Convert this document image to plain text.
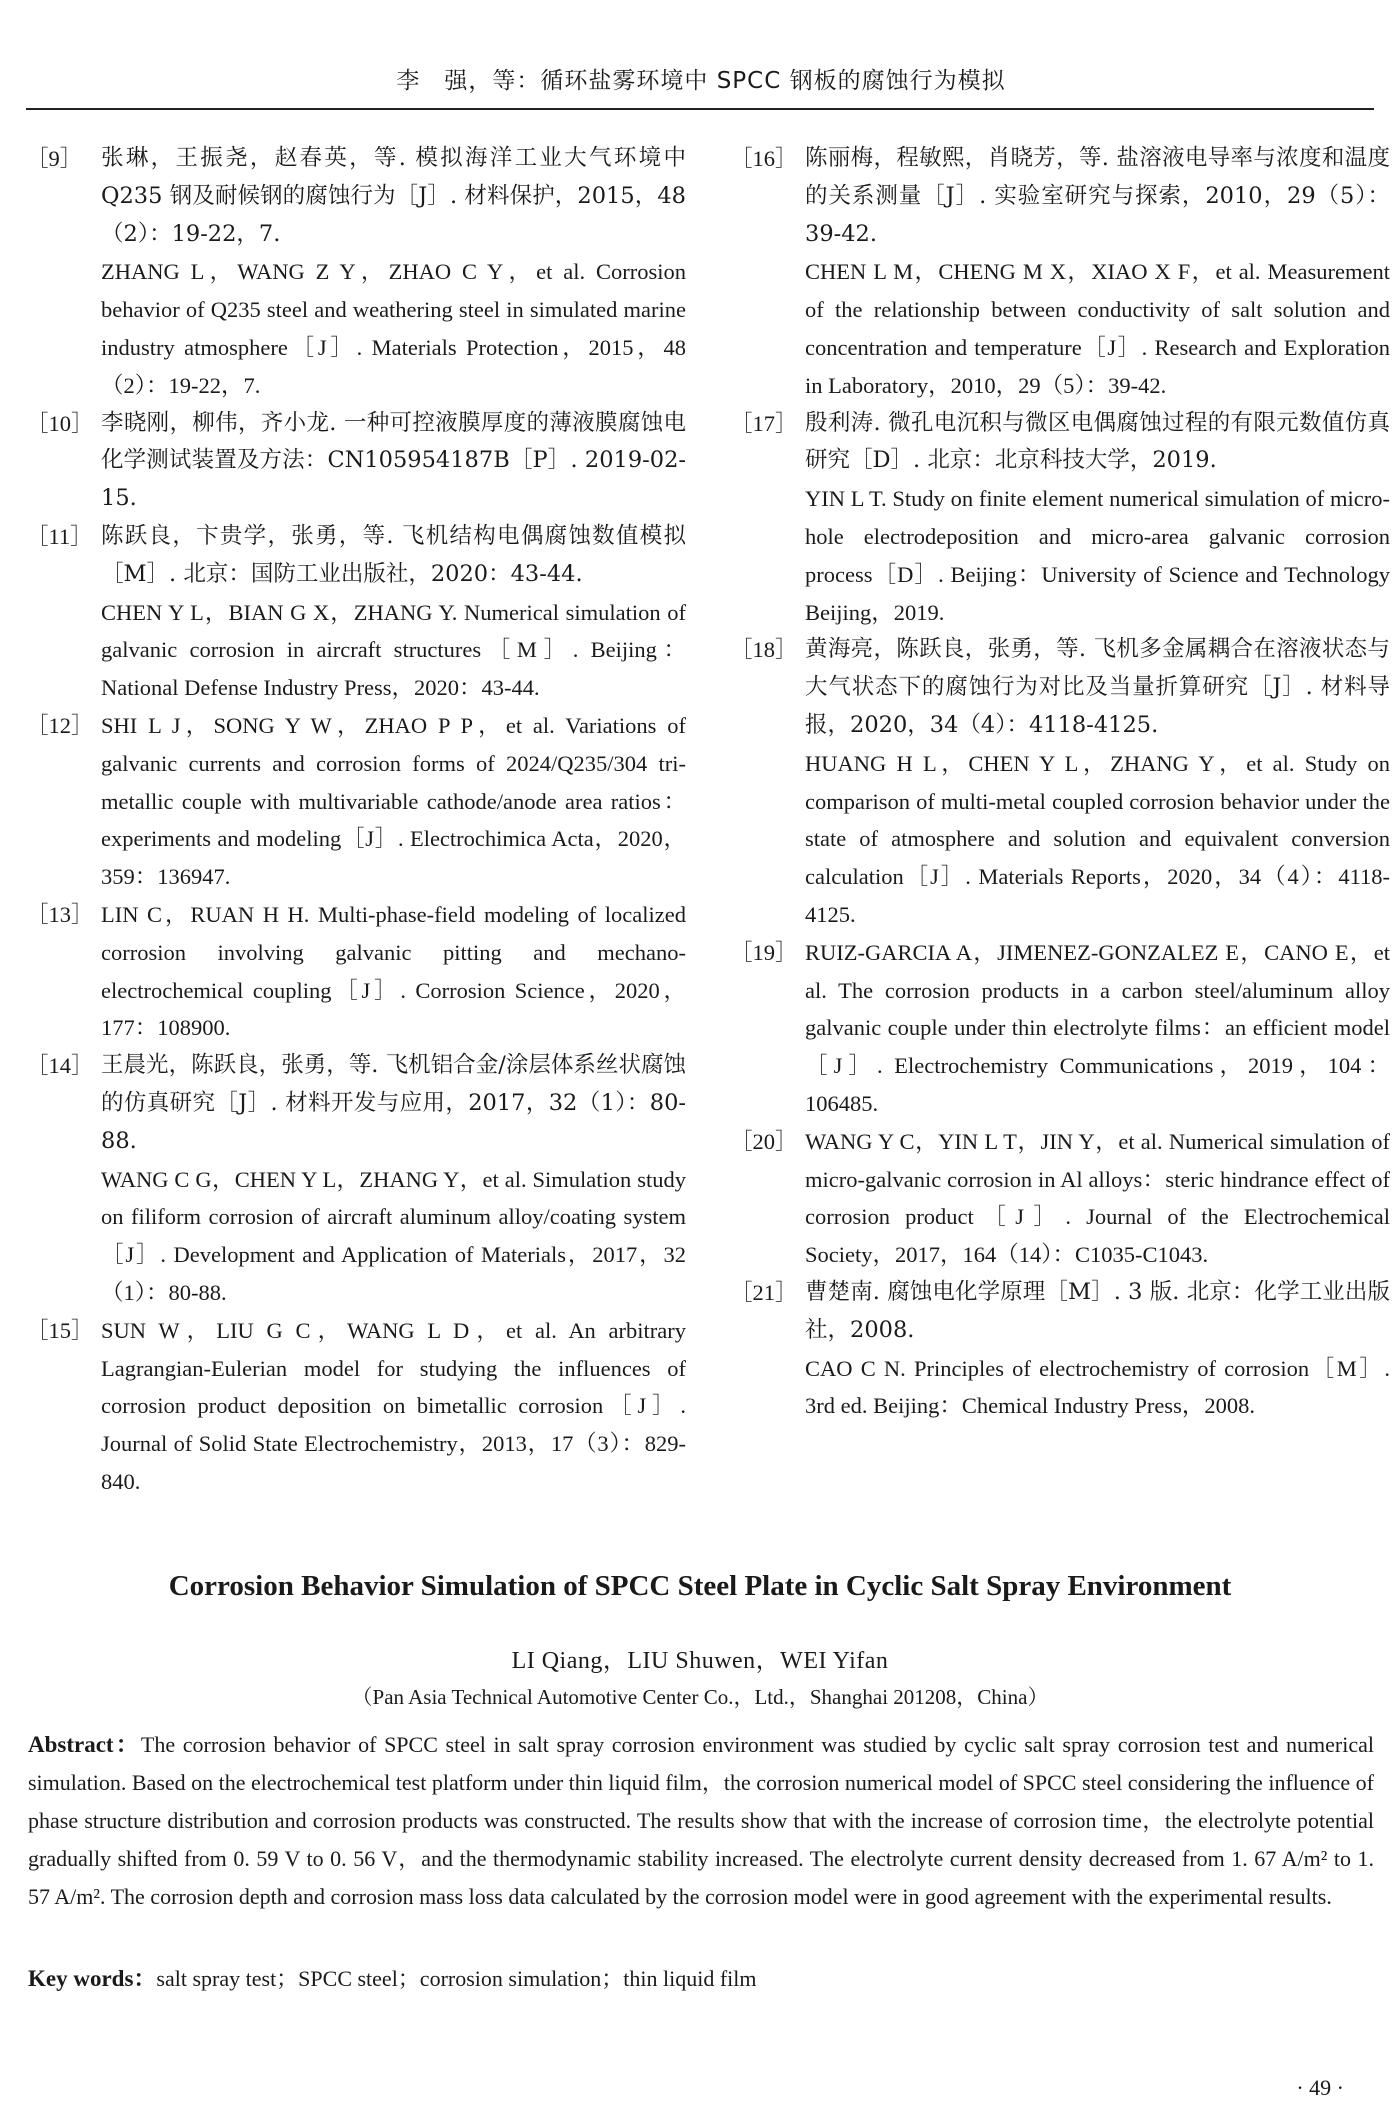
李　强，等：循环盐雾环境中 SPCC 钢板的腐蚀行为模拟
［9］ 张琳，王振尧，赵春英，等. 模拟海洋工业大气环境中 Q235 钢及耐候钢的腐蚀行为［J］. 材料保护，2015，48（2）：19-22，7.

ZHANG L，WANG Z Y，ZHAO C Y，et al. Corrosion behavior of Q235 steel and weathering steel in simulated marine industry atmosphere［J］. Materials Protection，2015，48（2）：19-22，7.

［10］ 李晓刚，柳伟，齐小龙. 一种可控液膜厚度的薄液膜腐蚀电化学测试装置及方法：CN105954187B［P］. 2019-02-15.

［11］ 陈跃良，卞贵学，张勇，等. 飞机结构电偶腐蚀数值模拟［M］. 北京：国防工业出版社，2020：43-44.

CHEN Y L，BIAN G X，ZHANG Y. Numerical simulation of galvanic corrosion in aircraft structures［M］. Beijing：National Defense Industry Press，2020：43-44.

［12］ SHI L J，SONG Y W，ZHAO P P，et al. Variations of galvanic currents and corrosion forms of 2024/Q235/304 tri-metallic couple with multivariable cathode/anode area ratios：experiments and modeling［J］. Electrochimica Acta，2020，359：136947.

［13］ LIN C，RUAN H H. Multi-phase-field modeling of localized corrosion involving galvanic pitting and mechano-electrochemical coupling［J］. Corrosion Science，2020，177：108900.

［14］ 王晨光，陈跃良，张勇，等. 飞机铝合金/涂层体系丝状腐蚀的仿真研究［J］. 材料开发与应用，2017，32（1）：80-88.

WANG C G，CHEN Y L，ZHANG Y，et al. Simulation study on filiform corrosion of aircraft aluminum alloy/coating system［J］. Development and Application of Materials，2017，32（1）：80-88.

［15］ SUN W，LIU G C，WANG L D，et al. An arbitrary Lagrangian-Eulerian model for studying the influences of corrosion product deposition on bimetallic corrosion［J］. Journal of Solid State Electrochemistry，2013，17（3）：829-840.

［16］ 陈丽梅，程敏熙，肖晓芳，等. 盐溶液电导率与浓度和温度的关系测量［J］. 实验室研究与探索，2010，29（5）：39-42.

CHEN L M，CHENG M X，XIAO X F，et al. Measurement of the relationship between conductivity of salt solution and concentration and temperature［J］. Research and Exploration in Laboratory，2010，29（5）：39-42.

［17］ 殷利涛. 微孔电沉积与微区电偶腐蚀过程的有限元数值仿真研究［D］. 北京：北京科技大学，2019.

YIN L T. Study on finite element numerical simulation of micro-hole electrodeposition and micro-area galvanic corrosion process［D］. Beijing：University of Science and Technology Beijing，2019.

［18］ 黄海亮，陈跃良，张勇，等. 飞机多金属耦合在溶液状态与大气状态下的腐蚀行为对比及当量折算研究［J］. 材料导报，2020，34（4）：4118-4125.

HUANG H L，CHEN Y L，ZHANG Y，et al. Study on comparison of multi-metal coupled corrosion behavior under the state of atmosphere and solution and equivalent conversion calculation［J］. Materials Reports，2020，34（4）：4118-4125.

［19］ RUIZ-GARCIA A，JIMENEZ-GONZALEZ E，CANO E，et al. The corrosion products in a carbon steel/aluminum alloy galvanic couple under thin electrolyte films：an efficient model［J］. Electrochemistry Communications，2019，104：106485.

［20］ WANG Y C，YIN L T，JIN Y，et al. Numerical simulation of micro-galvanic corrosion in Al alloys：steric hindrance effect of corrosion product［J］. Journal of the Electrochemical Society，2017，164（14）：C1035-C1043.

［21］ 曹楚南. 腐蚀电化学原理［M］. 3 版. 北京：化学工业出版社，2008.

CAO C N. Principles of electrochemistry of corrosion［M］. 3rd ed. Beijing：Chemical Industry Press，2008.

Corrosion Behavior Simulation of SPCC Steel Plate in Cyclic Salt Spray Environment
LI Qiang，LIU Shuwen，WEI Yifan
（Pan Asia Technical Automotive Center Co.，Ltd.，Shanghai 201208，China）
Abstract：The corrosion behavior of SPCC steel in salt spray corrosion environment was studied by cyclic salt spray corrosion test and numerical simulation. Based on the electrochemical test platform under thin liquid film，the corrosion numerical model of SPCC steel considering the influence of phase structure distribution and corrosion products was constructed. The results show that with the increase of corrosion time，the electrolyte potential gradually shifted from 0. 59 V to 0. 56 V，and the thermodynamic stability increased. The electrolyte current density decreased from 1. 67 A/m² to 1. 57 A/m². The corrosion depth and corrosion mass loss data calculated by the corrosion model were in good agreement with the experimental results.
Key words：salt spray test；SPCC steel；corrosion simulation；thin liquid film
· 49 ·
